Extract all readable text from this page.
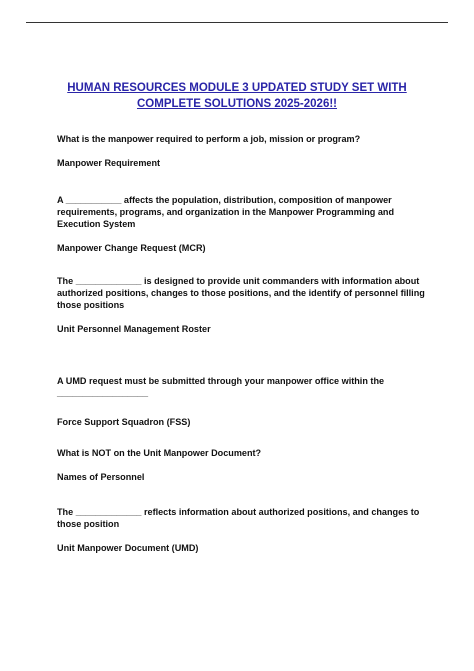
HUMAN RESOURCES MODULE 3 UPDATED STUDY SET WITH
COMPLETE SOLUTIONS 2025-2026!!

What is the manpower required to perform a job, mission or program?

Manpower Requirement

A ___________ affects the population, distribution, composition of manpower requirements, programs, and organization in the Manpower Programming and Execution System

Manpower Change Request (MCR)

The _____________ is designed to provide unit commanders with information about authorized positions, changes to those positions, and the identify of personnel filling those positions

Unit Personnel Management Roster

A UMD request must be submitted through your manpower office within the __________________

Force Support Squadron (FSS)

What is NOT on the Unit Manpower Document?

Names of Personnel

The _____________ reflects information about authorized positions, and changes to those position

Unit Manpower Document (UMD)
